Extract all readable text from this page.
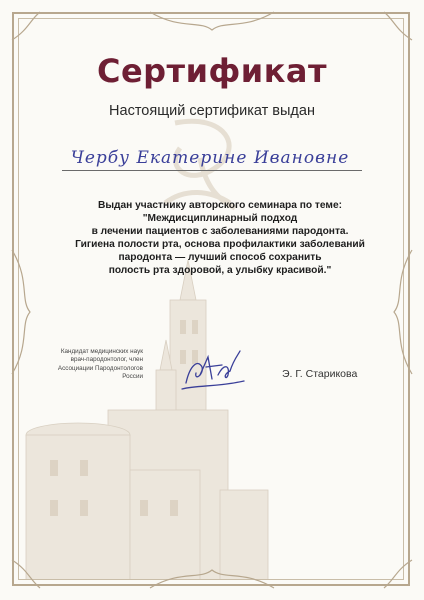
Сертификат
Настоящий сертификат выдан
Чербу Екатерине Ивановне
Выдан участнику авторского семинара по теме:
"Междисциплинарный подход
в лечении пациентов с заболеваниями пародонта.
Гигиена полости рта, основа профилактики заболеваний
пародонта — лучший способ сохранить
полость рта здоровой, а улыбку красивой."
Кандидат медицинских наук
врач-пародонтолог, член
Ассоциации Пародонтологов
России	Э. Г. Старикова
